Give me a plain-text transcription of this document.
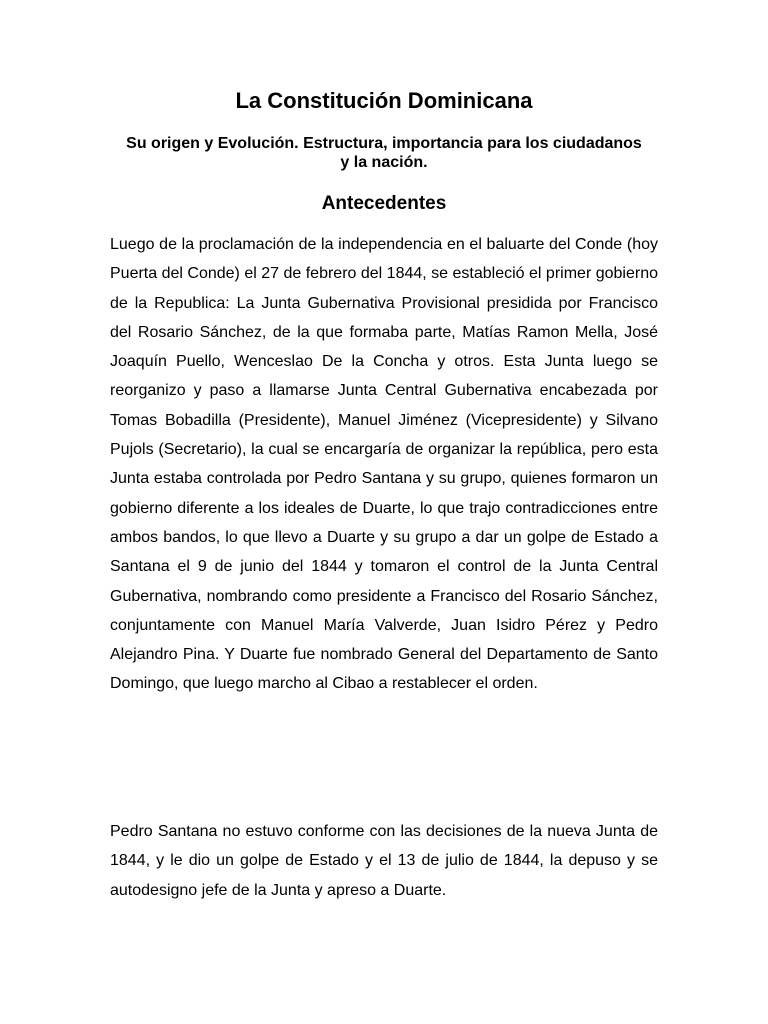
La Constitución Dominicana
Su origen y Evolución. Estructura, importancia para los ciudadanos y la nación.
Antecedentes

Luego de la proclamación de la independencia en el baluarte del Conde (hoy Puerta del Conde) el 27 de febrero del 1844, se estableció el primer gobierno de la Republica: La Junta Gubernativa Provisional presidida por Francisco del Rosario Sánchez, de la que formaba parte, Matías Ramon Mella, José Joaquín Puello, Wenceslao De la Concha y otros. Esta Junta luego se reorganizo y paso a llamarse Junta Central Gubernativa encabezada por Tomas Bobadilla (Presidente), Manuel Jiménez (Vicepresidente) y Silvano Pujols (Secretario), la cual se encargaría de organizar la república, pero esta Junta estaba controlada por Pedro Santana y su grupo, quienes formaron un gobierno diferente a los ideales de Duarte, lo que trajo contradicciones entre ambos bandos, lo que llevo a Duarte y su grupo a dar un golpe de Estado a Santana el 9 de junio del 1844 y tomaron el control de la Junta Central Gubernativa, nombrando como presidente a Francisco del Rosario Sánchez, conjuntamente con Manuel María Valverde, Juan Isidro Pérez y Pedro Alejandro Pina. Y Duarte fue nombrado General del Departamento de Santo Domingo, que luego marcho al Cibao a restablecer el orden.

Pedro Santana no estuvo conforme con las decisiones de la nueva Junta de 1844, y le dio un golpe de Estado y el 13 de julio de 1844, la depuso y se autodesigno jefe de la Junta y apreso a Duarte.
